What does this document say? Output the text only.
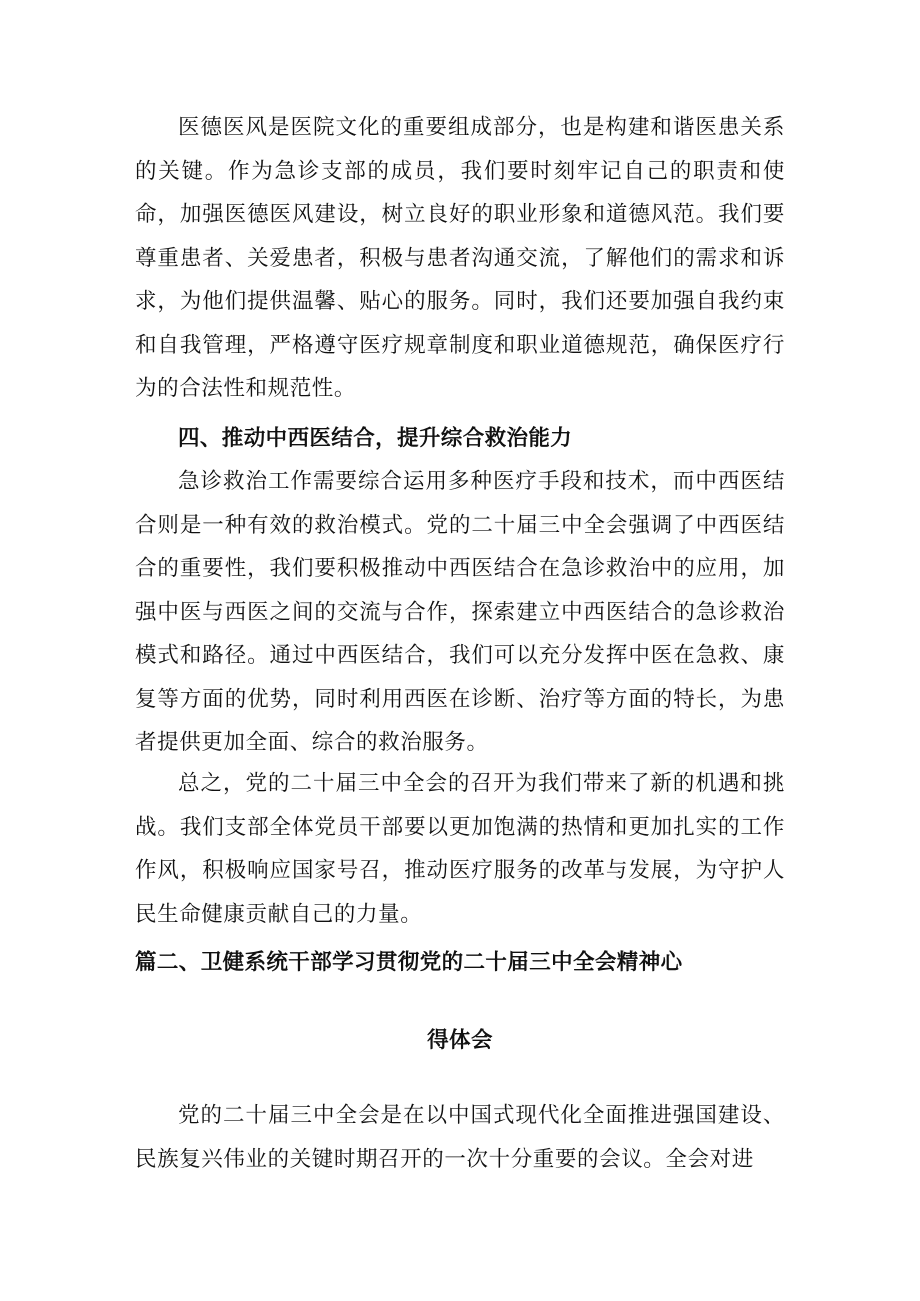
医德医风是医院文化的重要组成部分，也是构建和谐医患关系的关键。作为急诊支部的成员，我们要时刻牢记自己的职责和使命，加强医德医风建设，树立良好的职业形象和道德风范。我们要尊重患者、关爱患者，积极与患者沟通交流，了解他们的需求和诉求，为他们提供温馨、贴心的服务。同时，我们还要加强自我约束和自我管理，严格遵守医疗规章制度和职业道德规范，确保医疗行为的合法性和规范性。

四、推动中西医结合，提升综合救治能力

急诊救治工作需要综合运用多种医疗手段和技术，而中西医结合则是一种有效的救治模式。党的二十届三中全会强调了中西医结合的重要性，我们要积极推动中西医结合在急诊救治中的应用，加强中医与西医之间的交流与合作，探索建立中西医结合的急诊救治模式和路径。通过中西医结合，我们可以充分发挥中医在急救、康复等方面的优势，同时利用西医在诊断、治疗等方面的特长，为患者提供更加全面、综合的救治服务。

总之，党的二十届三中全会的召开为我们带来了新的机遇和挑战。我们支部全体党员干部要以更加饱满的热情和更加扎实的工作作风，积极响应国家号召，推动医疗服务的改革与发展，为守护人民生命健康贡献自己的力量。

篇二、卫健系统干部学习贯彻党的二十届三中全会精神心
得体会

党的二十届三中全会是在以中国式现代化全面推进强国建设、民族复兴伟业的关键时期召开的一次十分重要的会议。全会对进
